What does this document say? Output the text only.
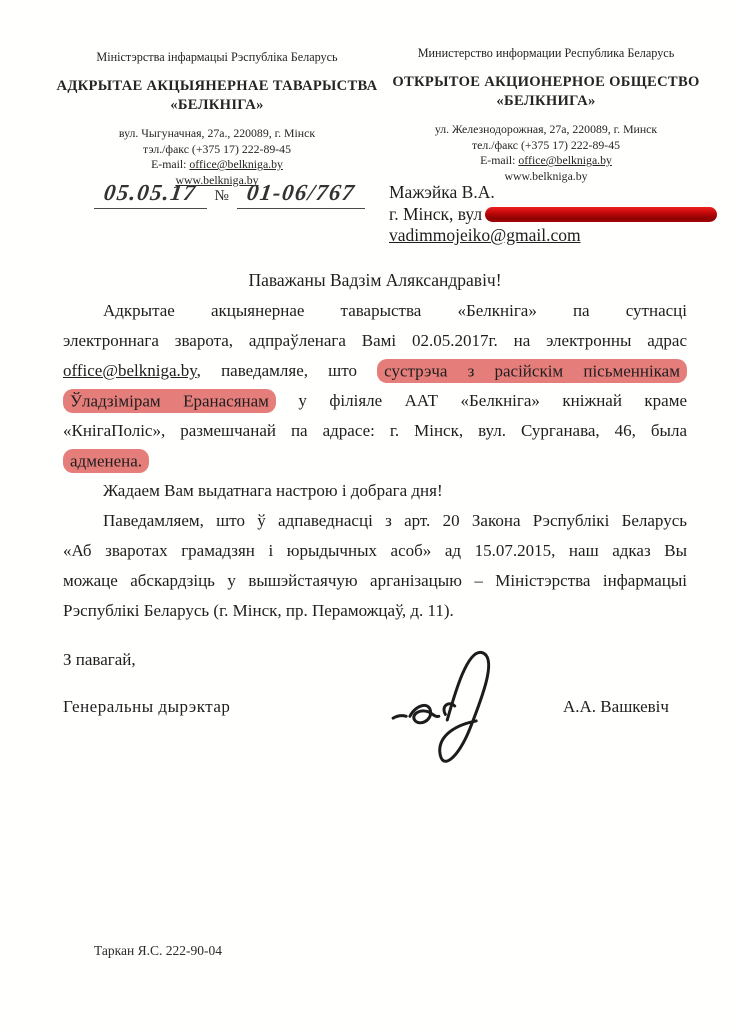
Міністэрства інфармацыі Рэспубліка Беларусь
АДКРЫТАЕ АКЦЫЯНЕРНАЕ ТАВАРЫСТВА
«БЕЛКНІГА»
вул. Чыгуначная, 27а., 220089, г. Мінск
тэл./факс (+375 17) 222-89-45
E-mail: office@belkniga.by
www.belkniga.by
Министерство информации Республика Беларусь
ОТКРЫТОЕ АКЦИОНЕРНОЕ ОБЩЕСТВО
«БЕЛКНИГА»
ул. Железнодорожная, 27а, 220089, г. Минск
тел./факс (+375 17) 222-89-45
E-mail: office@belkniga.by
www.belkniga.by
05.05.17 № 01-06/767	Мажэйка В.А.
г. Мінск, вул
vadimmojeiko@gmail.com
Паважаны Вадзім Аляксандравіч!
Адкрытае акцыянернае таварыства «Белкніга» па сутнасці
электроннага зварота, адпраўленага Вамі 02.05.2017г. на электронны адрас
office@belkniga.by, паведамляе, што сустрэча з расійскім пісьменнікам
Ўладзімірам Еранасянам у філіяле ААТ «Белкніга» кніжнай краме
«КнігаПоліс», размешчанай па адрасе: г. Мінск, вул. Сурганава, 46, была
адменена.
Жадаем Вам выдатнага настрою і добрага дня!
Паведамляем, што ў адпаведнасці з арт. 20 Закона Рэспублікі Беларусь
«Аб зваротах грамадзян і юрыдычных асоб» ад 15.07.2015, наш адказ Вы
можаце абскардзіць у вышэйстаячую арганізацыю – Міністэрства інфармацыі
Рэспублікі Беларусь (г. Мінск, пр. Пераможцаў, д. 11).
З павагай,
Генеральны дырэктар	А.А. Вашкевіч
Таркан Я.С. 222-90-04
